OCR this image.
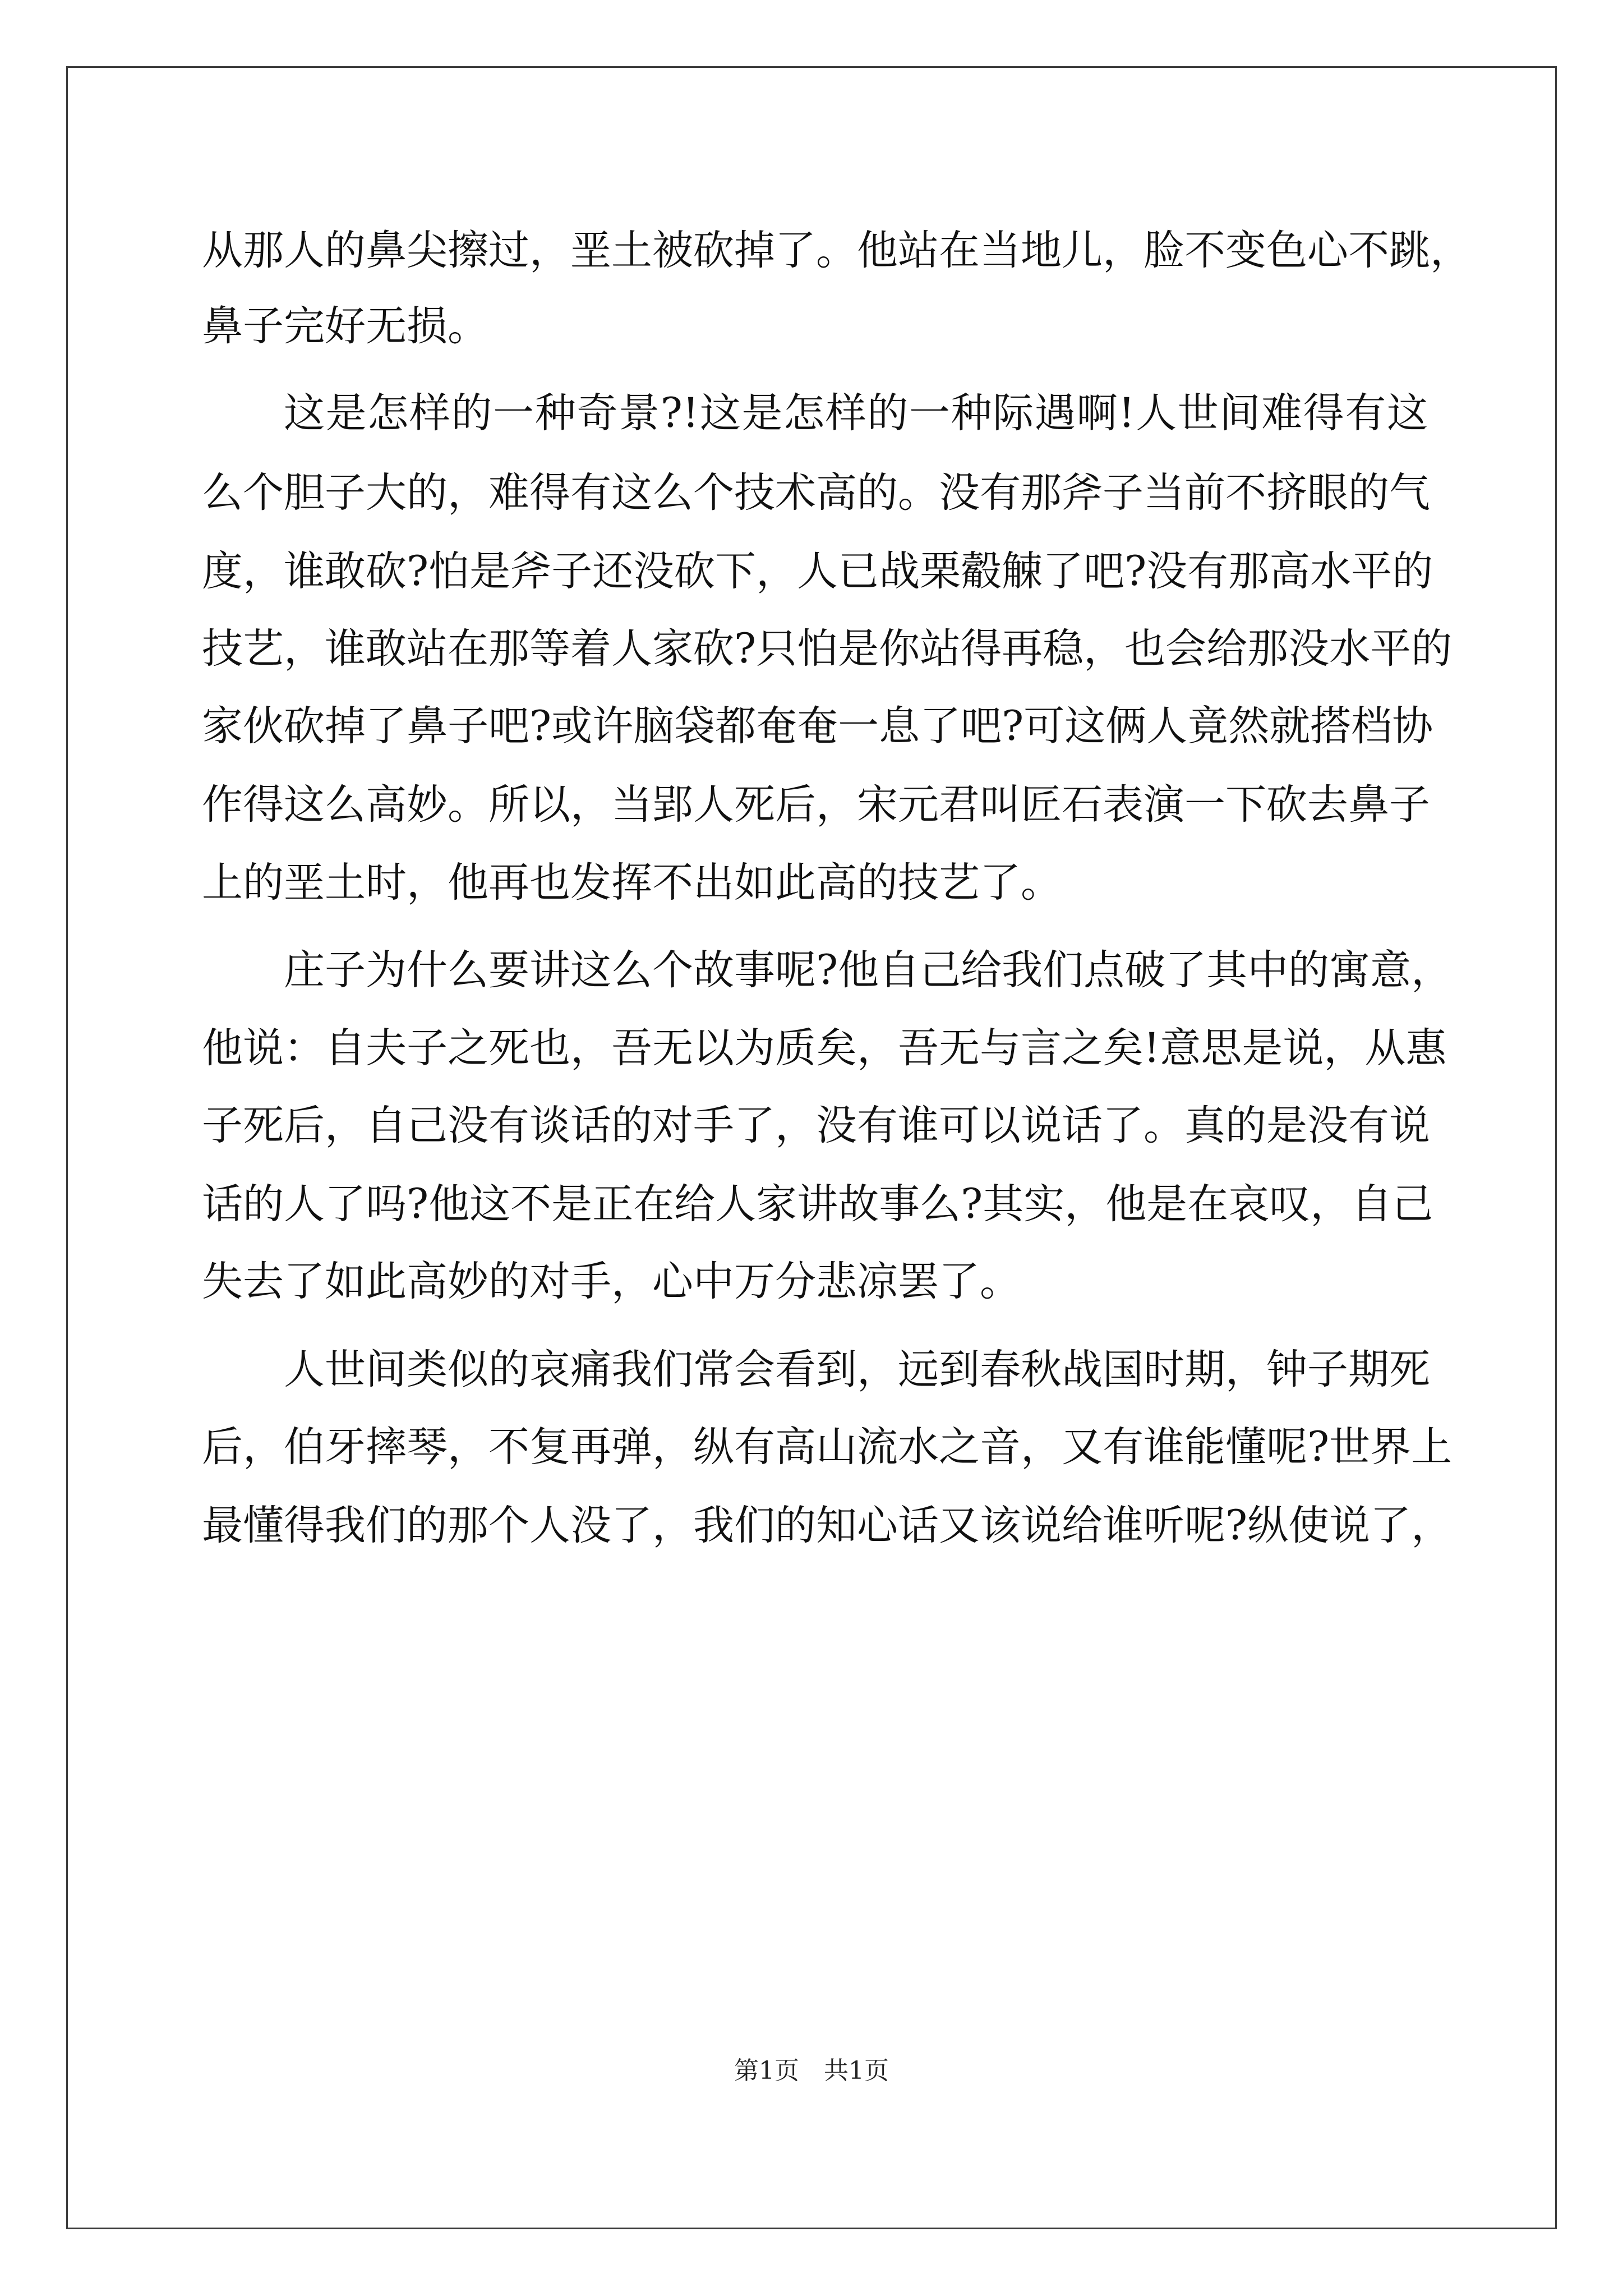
从那人的鼻尖擦过，垩土被砍掉了。他站在当地儿，脸不变色心不跳，
鼻子完好无损。
这是怎样的一种奇景?!这是怎样的一种际遇啊!人世间难得有这
么个胆子大的，难得有这么个技术高的。没有那斧子当前不挤眼的气
度，谁敢砍?怕是斧子还没砍下，人已战栗觳觫了吧?没有那高水平的
技艺，谁敢站在那等着人家砍?只怕是你站得再稳，也会给那没水平的
家伙砍掉了鼻子吧?或许脑袋都奄奄一息了吧?可这俩人竟然就搭档协
作得这么高妙。所以，当郢人死后，宋元君叫匠石表演一下砍去鼻子
上的垩土时，他再也发挥不出如此高的技艺了。
庄子为什么要讲这么个故事呢?他自己给我们点破了其中的寓意，
他说：自夫子之死也，吾无以为质矣，吾无与言之矣!意思是说，从惠
子死后，自己没有谈话的对手了，没有谁可以说话了。真的是没有说
话的人了吗?他这不是正在给人家讲故事么?其实，他是在哀叹，自己
失去了如此高妙的对手，心中万分悲凉罢了。
人世间类似的哀痛我们常会看到，远到春秋战国时期，钟子期死
后，伯牙摔琴，不复再弹，纵有高山流水之音，又有谁能懂呢?世界上
最懂得我们的那个人没了，我们的知心话又该说给谁听呢?纵使说了，
第1页　共1页
